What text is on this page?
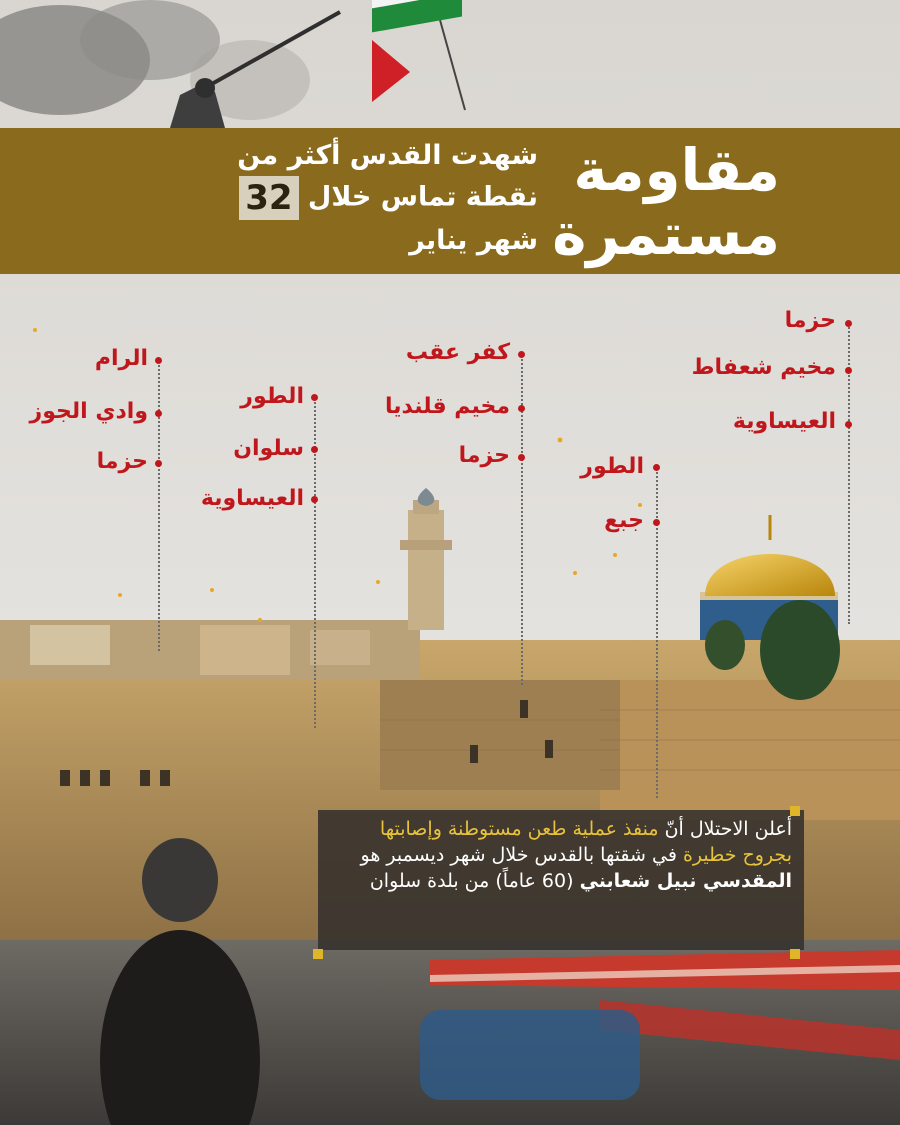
مقاومة
مستمرة
شهدت القدس أكثر من
نقطة تماس خلال 32
شهر يناير
حزما
مخيم شعفاط
العيساوية
الطور
جبع
كفر عقب
مخيم قلنديا
حزما
الطور
سلوان
العيساوية
الرام
وادي الجوز
حزما
أعلن الاحتلال أنّ منفذ عملية طعن مستوطنة وإصابتها بجروح خطيرة في شقتها بالقدس خلال شهر ديسمبر هو المقدسي نبيل شعابني (60 عاماً) من بلدة سلوان
